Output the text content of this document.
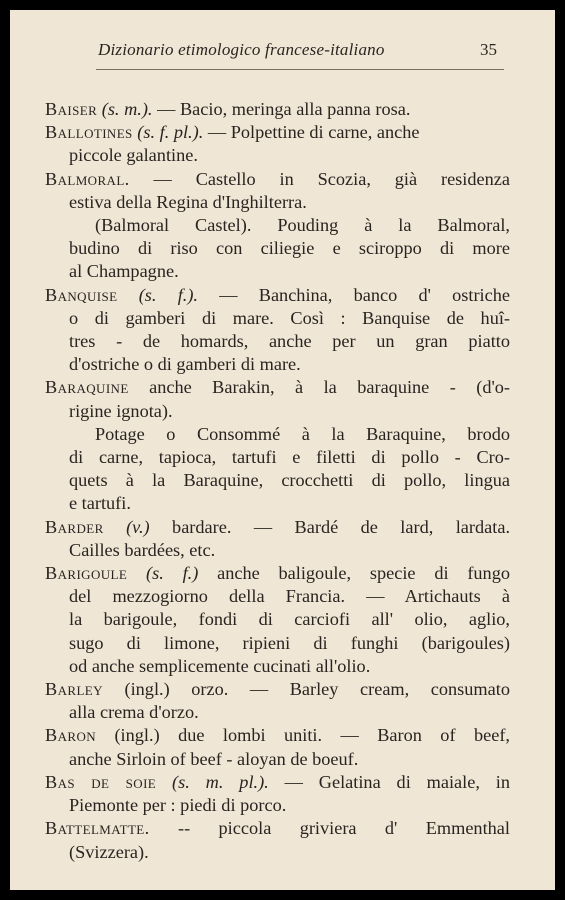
Dizionario etimologico francese-italiano	35

Baiser (s. m.). — Bacio, meringa alla panna rosa.

Ballotines (s. f. pl.). — Polpettine di carne, anche
piccole galantine.

Balmoral. — Castello in Scozia, già residenza
estiva della Regina d'Inghilterra.
(Balmoral Castel). Pouding à la Balmoral,
budino di riso con ciliegie e sciroppo di more
al Champagne.

Banquise (s. f.). — Banchina, banco d' ostriche
o di gamberi di mare. Così : Banquise de huî-
tres - de homards, anche per un gran piatto
d'ostriche o di gamberi di mare.

Baraquine anche Barakin, à la baraquine - (d'o-
rigine ignota).
Potage o Consommé à la Baraquine, brodo
di carne, tapioca, tartufi e filetti di pollo - Cro-
quets à la Baraquine, crocchetti di pollo, lingua
e tartufi.

Barder (v.) bardare. — Bardé de lard, lardata.
Cailles bardées, etc.

Barigoule (s. f.) anche baligoule, specie di fungo
del mezzogiorno della Francia. — Artichauts à
la barigoule, fondi di carciofi all' olio, aglio,
sugo di limone, ripieni di funghi (barigoules)
od anche semplicemente cucinati all'olio.

Barley (ingl.) orzo. — Barley cream, consumato
alla crema d'orzo.

Baron (ingl.) due lombi uniti. — Baron of beef,
anche Sirloin of beef - aloyan de boeuf.

Bas de soie (s. m. pl.). — Gelatina di maiale, in
Piemonte per : piedi di porco.

Battelmatte. -- piccola griviera d' Emmenthal
(Svizzera).
